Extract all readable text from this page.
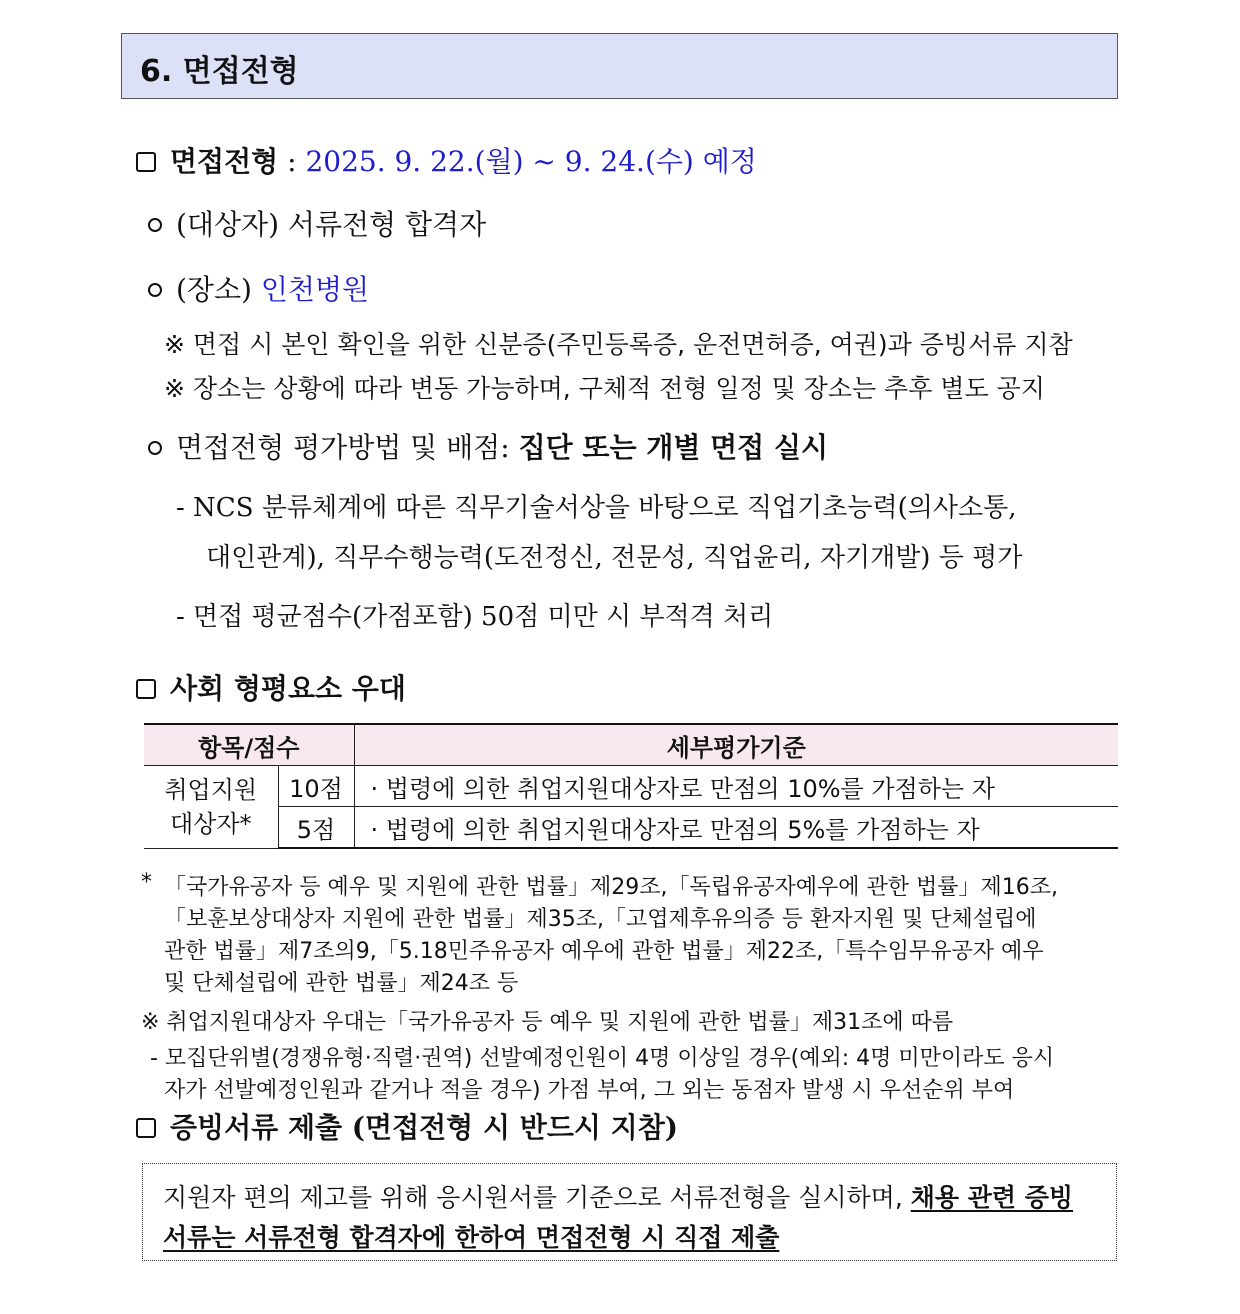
6. 면접전형
면접전형 : 2025. 9. 22.(월) ~ 9. 24.(수) 예정
(대상자) 서류전형 합격자
(장소) 인천병원
※ 면접 시 본인 확인을 위한 신분증(주민등록증, 운전면허증, 여권)과 증빙서류 지참
※ 장소는 상황에 따라 변동 가능하며, 구체적 전형 일정 및 장소는 추후 별도 공지
면접전형 평가방법 및 배점: 집단 또는 개별 면접 실시
- NCS 분류체계에 따른 직무기술서상을 바탕으로 직업기초능력(의사소통,
대인관계), 직무수행능력(도전정신, 전문성, 직업윤리, 자기개발) 등 평가
- 면접 평균점수(가점포함) 50점 미만 시 부적격 처리
사회 형평요소 우대
항목/점수		세부평가기준

취업지원
대상자*	10점	· 법령에 의한 취업지원대상자로 만점의 10%를 가점하는 자
	5점	· 법령에 의한 취업지원대상자로 만점의 5%를 가점하는 자
* 「국가유공자 등 예우 및 지원에 관한 법률」제29조,「독립유공자예우에 관한 법률」제16조,
「보훈보상대상자 지원에 관한 법률」제35조,「고엽제후유의증 등 환자지원 및 단체설립에
관한 법률」제7조의9,「5.18민주유공자 예우에 관한 법률」제22조,「특수임무유공자 예우
및 단체설립에 관한 법률」제24조 등
※ 취업지원대상자 우대는「국가유공자 등 예우 및 지원에 관한 법률」제31조에 따름
- 모집단위별(경쟁유형·직렬·권역) 선발예정인원이 4명 이상일 경우(예외: 4명 미만이라도 응시
자가 선발예정인원과 같거나 적을 경우) 가점 부여, 그 외는 동점자 발생 시 우선순위 부여
증빙서류 제출 (면접전형 시 반드시 지참)
지원자 편의 제고를 위해 응시원서를 기준으로 서류전형을 실시하며, 채용 관련 증빙
서류는 서류전형 합격자에 한하여 면접전형 시 직접 제출
